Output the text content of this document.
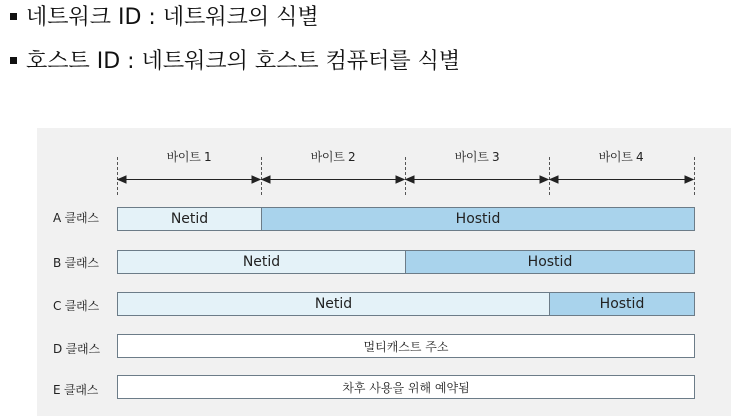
네트워크 ID : 네트워크의 식별
호스트 ID : 네트워크의 호스트 컴퓨터를 식별
바이트 1	바이트 2	바이트 3	바이트 4
A 클래스	Netid	Hostid
B 클래스	Netid	Hostid
C 클래스	Netid	Hostid
D 클래스	멀티캐스트 주소
E 클래스	차후 사용을 위해 예약됨
